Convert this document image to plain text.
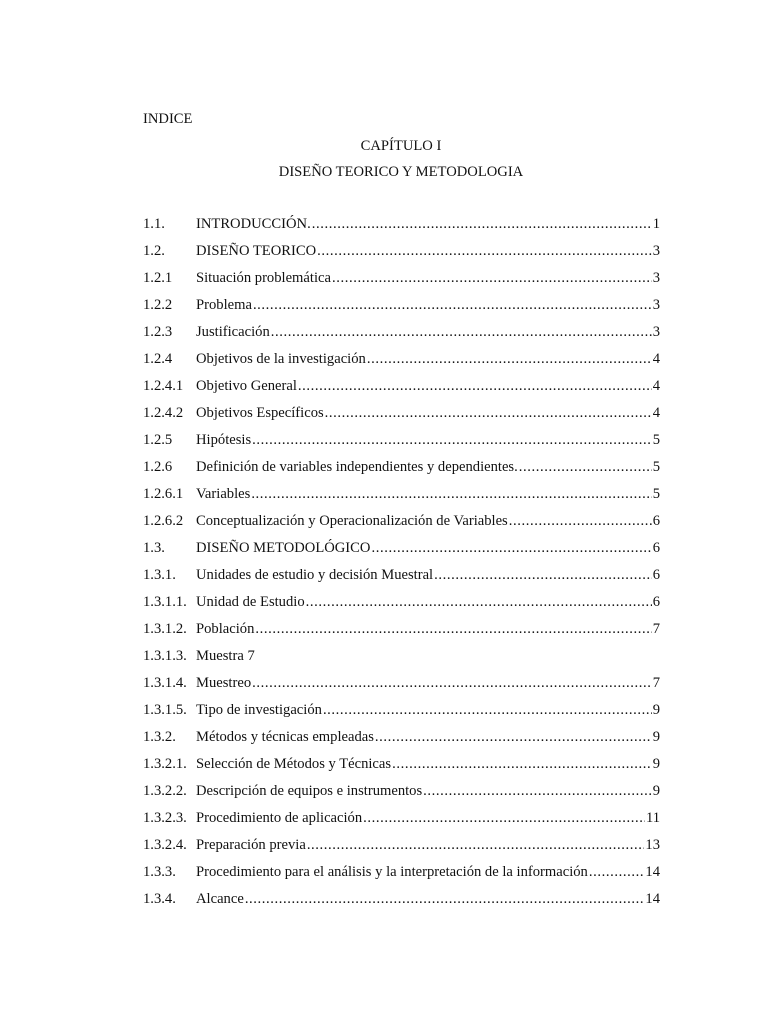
INDICE
CAPÍTULO I
DISEÑO TEORICO Y METODOLOGIA
1.1.	INTRODUCCIÓN. .....	1
1.2.	DISEÑO TEORICO .....	3
1.2.1	Situación problemática .....	3
1.2.2	Problema .....	3
1.2.3	Justificación .....	3
1.2.4	Objetivos de la investigación .....	4
1.2.4.1 Objetivo General .....	4
1.2.4.2 Objetivos Específicos .....	4
1.2.5	Hipótesis .....	5
1.2.6	Definición de variables independientes y dependientes. .....	5
1.2.6.1 Variables .....	5
1.2.6.2 Conceptualización y Operacionalización de Variables .....	6
1.3.	DISEÑO METODOLÓGICO .....	6
1.3.1.	Unidades de estudio y decisión Muestral .....	6
1.3.1.1. Unidad de Estudio .....	6
1.3.1.2. Población .....	7
1.3.1.3. Muestra 7
1.3.1.4. Muestreo .....	7
1.3.1.5. Tipo de investigación .....	9
1.3.2.	Métodos y técnicas empleadas .....	9
1.3.2.1. Selección de Métodos y Técnicas .....	9
1.3.2.2. Descripción de equipos e instrumentos .....	9
1.3.2.3. Procedimiento de aplicación .....	11
1.3.2.4. Preparación previa .....	13
1.3.3.	Procedimiento para el análisis y la interpretación de la información .....	14
1.3.4.	Alcance .....	14
